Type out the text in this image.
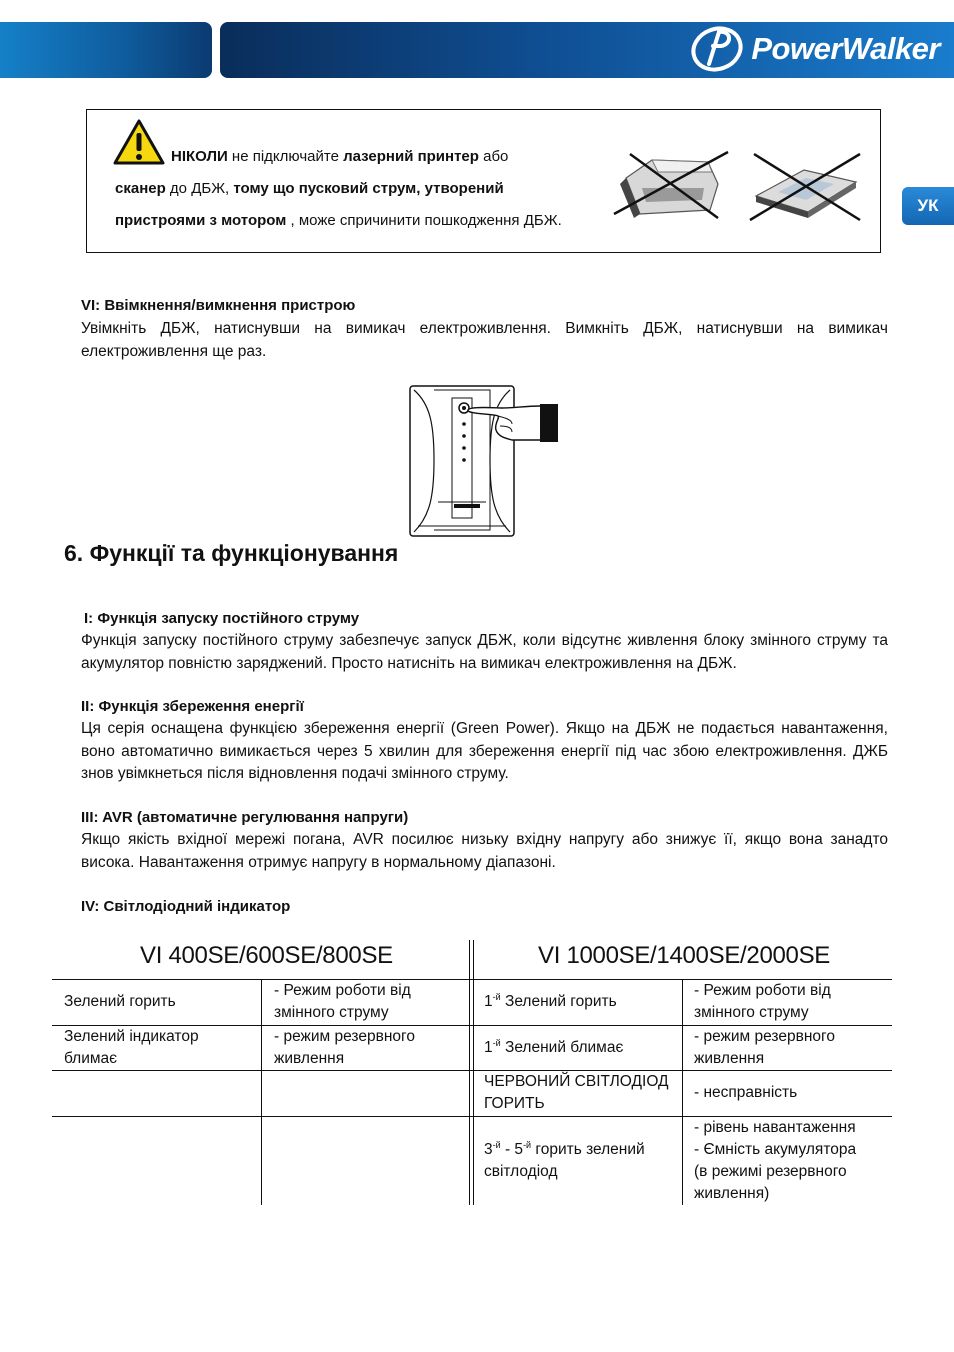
PowerWalker
УК
НІКОЛИ не підключайте лазерний принтер або
сканер до ДБЖ, тому що пусковий струм, утворений
пристроями з мотором , може спричинити пошкодження ДБЖ.
VI: Ввімкнення/вимкнення пристрою
Увімкніть ДБЖ, натиснувши на вимикач електроживлення. Вимкніть ДБЖ, натиснувши на вимикач електроживлення ще раз.
6. Функції та функціонування
I: Функція запуску постійного струму
Функція запуску постійного струму забезпечує запуск ДБЖ, коли відсутнє живлення блоку змінного струму та акумулятор повністю заряджений. Просто натисніть на вимикач електроживлення на ДБЖ.
II: Функція збереження енергії
Ця серія оснащена функцією збереження енергії (Green Power). Якщо на ДБЖ не подається навантаження, воно автоматично вимикається через 5 хвилин для збереження енергії під час збою електроживлення. ДЖБ знов увімкнеться після відновлення подачі змінного струму.
III: AVR (автоматичне регулювання напруги)
Якщо якість вхідної мережі погана, AVR посилює низьку вхідну напругу або знижує її, якщо вона занадто висока. Навантаження отримує напругу в нормальному діапазоні.
IV: Світлодіодний індикатор
VI 400SE/600SE/800SE	VI 1000SE/1400SE/2000SE
Зелений горить
- Режим роботи від
змінного струму
Зелений індикатор
блимає
- режим резервного
живлення
$1^{-й}$ Зелений горить
- Режим роботи від
змінного струму
$1^{-й}$ Зелений блимає
- режим резервного
живлення
ЧЕРВОНИЙ СВІТЛОДІОД
ГОРИТЬ
- несправність
$3^{-й} - 5^{-й}$ горить зелений
світлодіод
- рівень навантаження
- Ємність акумулятора
(в режимі резервного
живлення)
